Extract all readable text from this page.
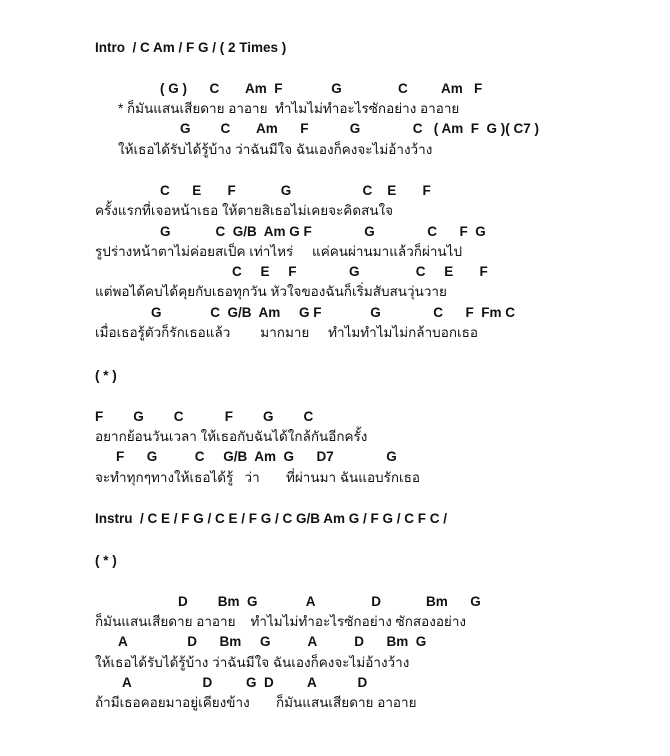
Intro  / C Am / F G / ( 2 Times )
( G )      C       Am  F             G               C         Am   F
* ก็มันแสนเสียดาย อาอาย  ทำไมไม่ทำอะไรซักอย่าง อาอาย
G        C       Am      F           G              C   ( Am  F  G )( C7 )
ให้เธอได้รับได้รู้บ้าง ว่าฉันมีใจ ฉันเองก็คงจะไม่อ้างว้าง
C      E       F            G                   C    E       F
ครั้งแรกที่เจอหน้าเธอ ให้ตายสิเธอไม่เคยจะคิดสนใจ
G            C  G/B  Am G F              G              C      F  G
รูปร่างหน้าตาไม่ค่อยสเป็ค เท่าไหร่     แค่คนผ่านมาแล้วก็ผ่านไป
C     E     F              G               C     E       F
แต่พอได้คบได้คุยกับเธอทุกวัน หัวใจของฉันก็เริ่มสับสนวุ่นวาย
G             C  G/B  Am     G F             G              C      F  Fm C
เมื่อเธอรู้ตัวก็รักเธอแล้ว        มากมาย     ทำไมทำไมไม่กล้าบอกเธอ
( * )
F        G        C           F        G        C
อยากย้อนวันเวลา ให้เธอกับฉันได้ใกล้กันอีกครั้ง
F      G          C     G/B  Am  G      D7              G
จะทำทุกๆทางให้เธอได้รู้   ว่า       ที่ผ่านมา ฉันแอบรักเธอ
Instru  / C E / F G / C E / F G / C G/B Am G / F G / C F C /
( * )
D        Bm  G             A               D            Bm      G
ก็มันแสนเสียดาย อาอาย    ทำไมไม่ทำอะไรซักอย่าง ซักสองอย่าง
A                D      Bm     G          A          D      Bm  G
ให้เธอได้รับได้รู้บ้าง ว่าฉันมีใจ ฉันเองก็คงจะไม่อ้างว้าง
A                   D         G  D         A           D
ถ้ามีเธอคอยมาอยู่เคียงข้าง       ก็มันแสนเสียดาย อาอาย
